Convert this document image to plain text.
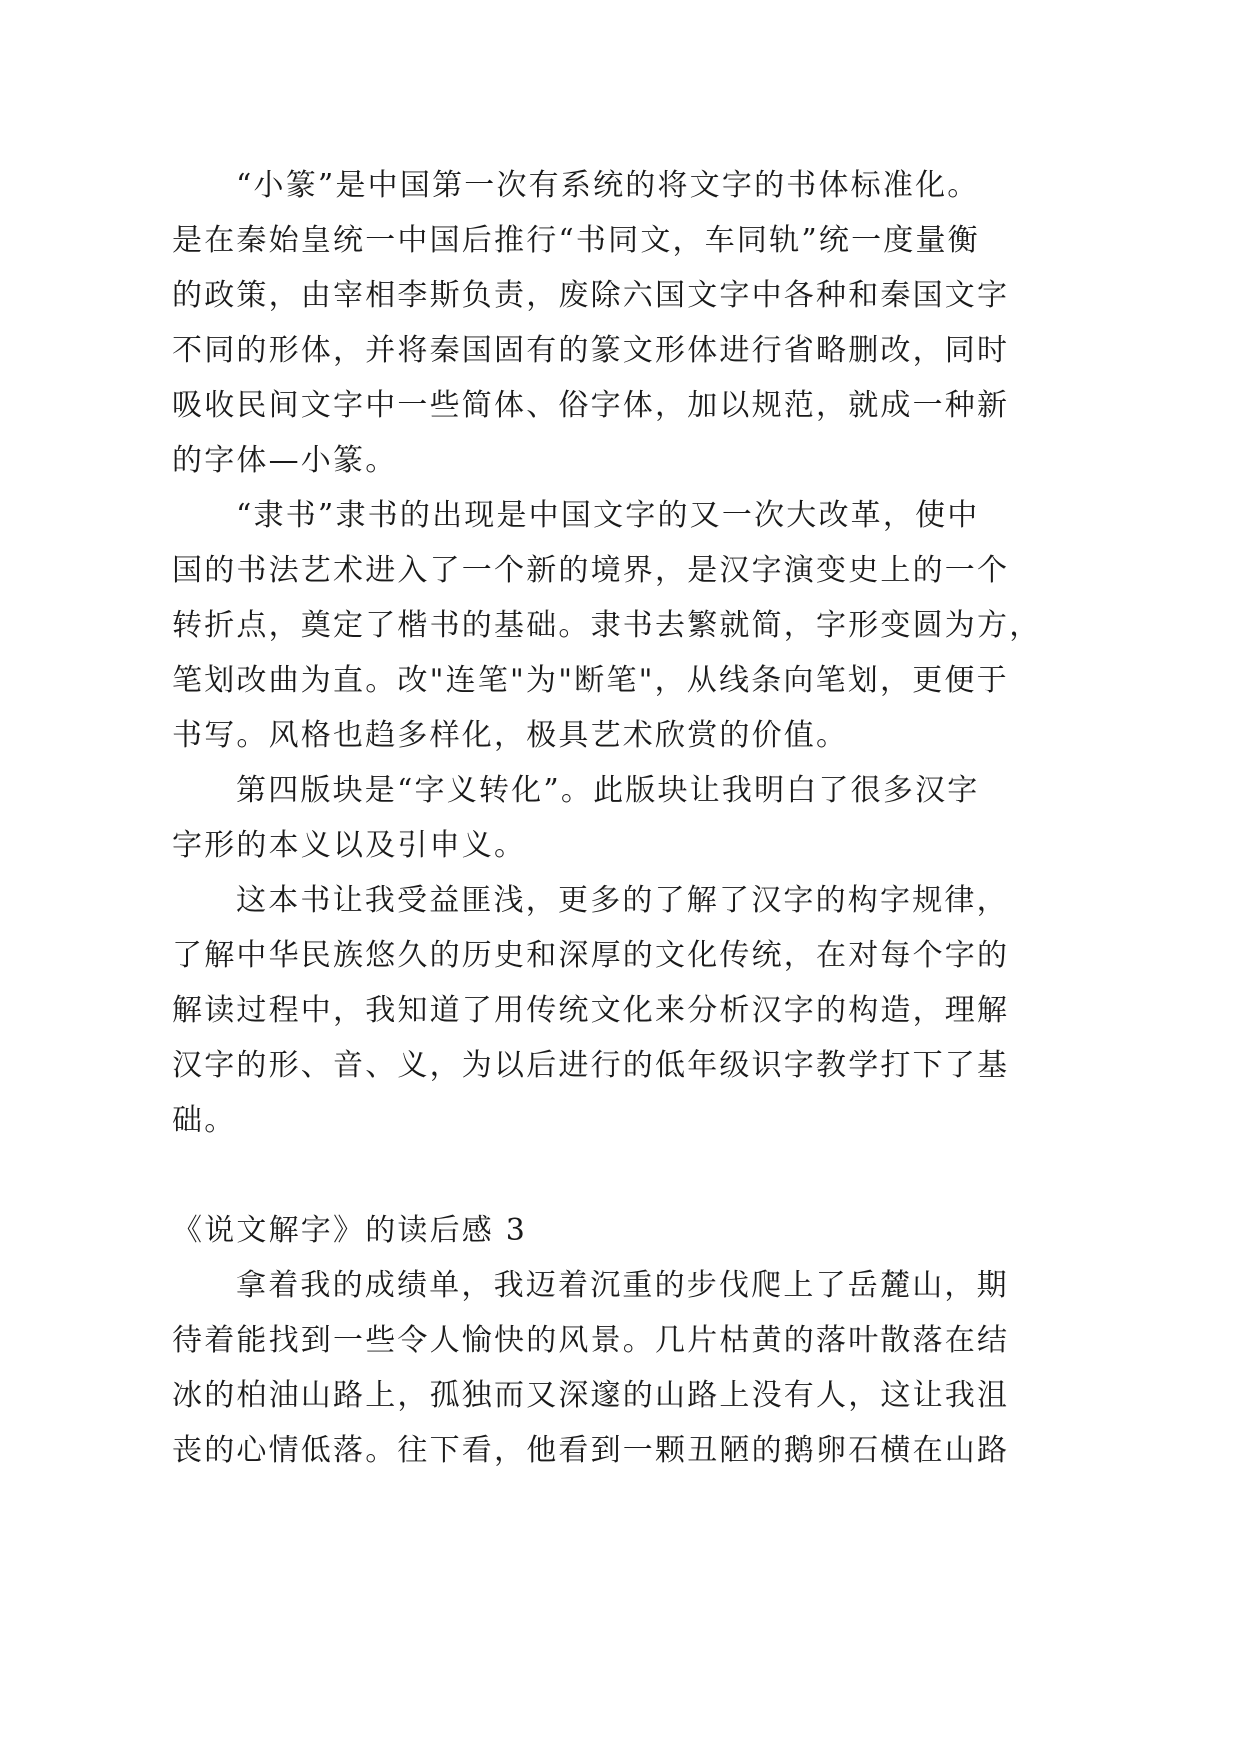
“小篆”是中国第一次有系统的将文字的书体标准化。
是在秦始皇统一中国后推行“书同文，车同轨”统一度量衡
的政策，由宰相李斯负责，废除六国文字中各种和秦国文字
不同的形体，并将秦国固有的篆文形体进行省略删改，同时
吸收民间文字中一些简体、俗字体，加以规范，就成一种新
的字体—小篆。
“隶书”隶书的出现是中国文字的又一次大改革，使中
国的书法艺术进入了一个新的境界，是汉字演变史上的一个
转折点，奠定了楷书的基础。隶书去繁就简，字形变圆为方，
笔划改曲为直。改"连笔"为"断笔"，从线条向笔划，更便于
书写。风格也趋多样化，极具艺术欣赏的价值。
第四版块是“字义转化”。此版块让我明白了很多汉字
字形的本义以及引申义。
这本书让我受益匪浅，更多的了解了汉字的构字规律，
了解中华民族悠久的历史和深厚的文化传统，在对每个字的
解读过程中，我知道了用传统文化来分析汉字的构造，理解
汉字的形、音、义，为以后进行的低年级识字教学打下了基
础。
《说文解字》的读后感 3
拿着我的成绩单，我迈着沉重的步伐爬上了岳麓山，期
待着能找到一些令人愉快的风景。几片枯黄的落叶散落在结
冰的柏油山路上，孤独而又深邃的山路上没有人，这让我沮
丧的心情低落。往下看，他看到一颗丑陋的鹅卵石横在山路
